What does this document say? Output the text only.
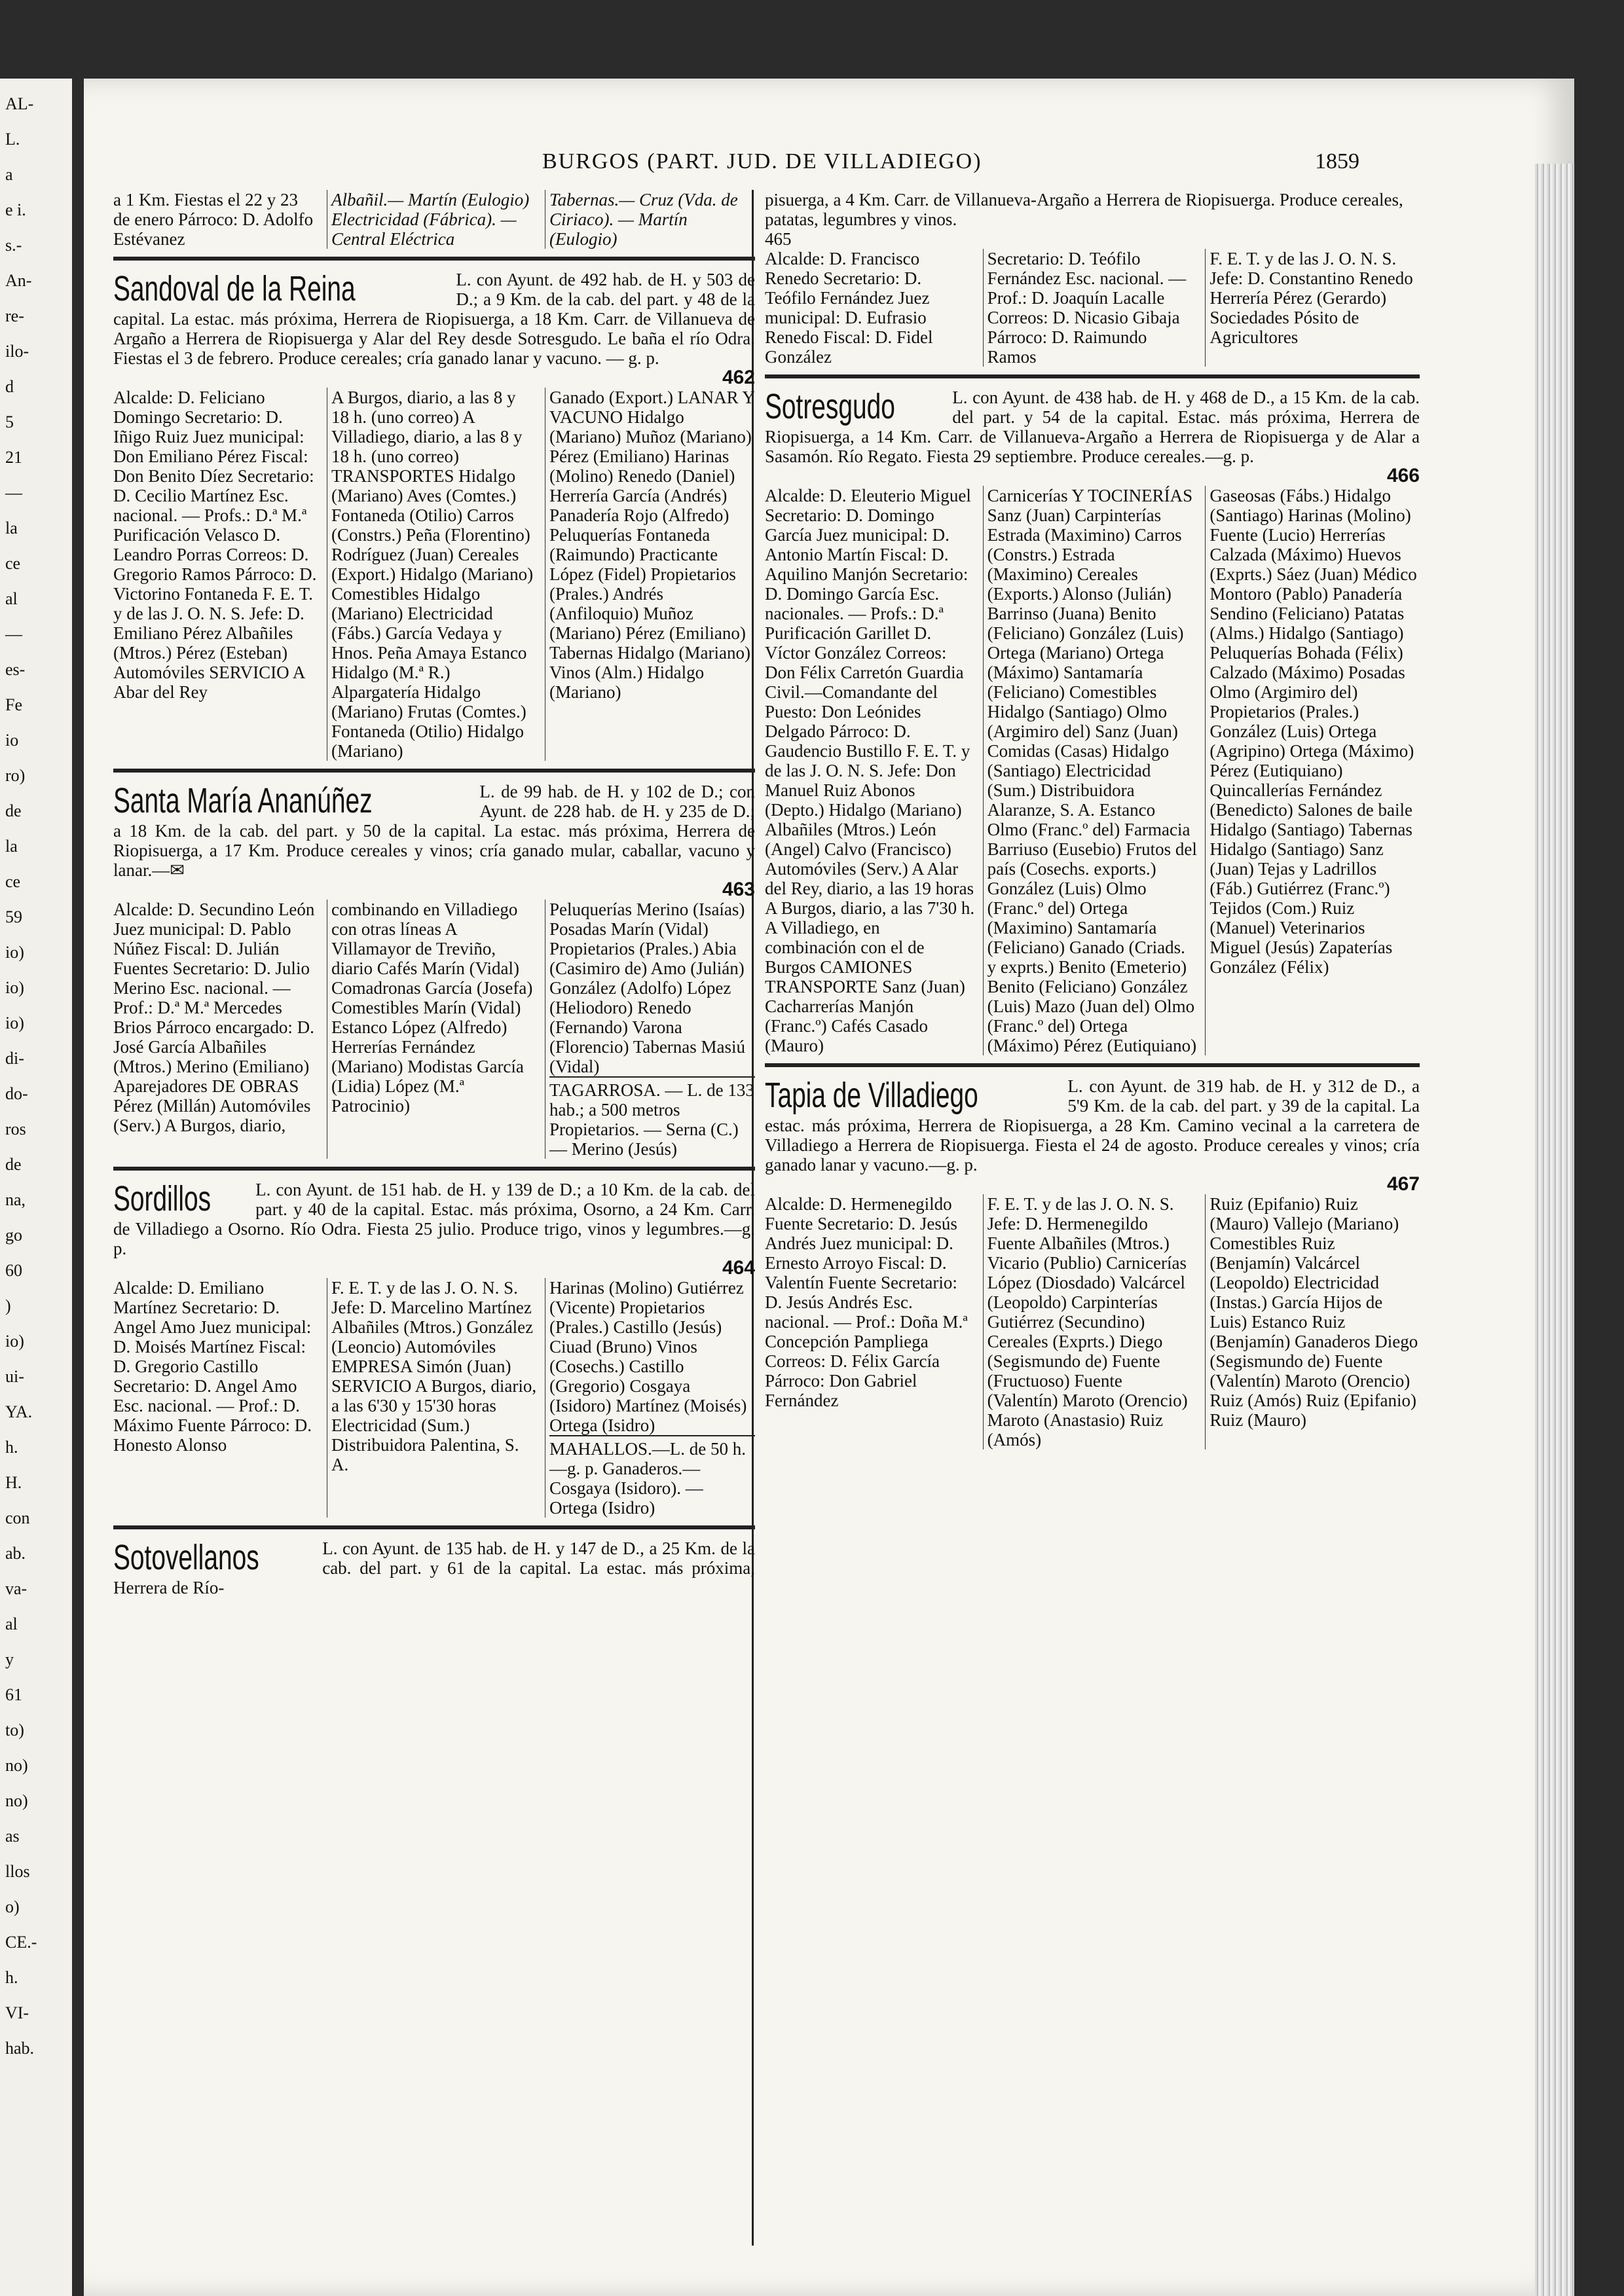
AL-
L.
a
e i.
s.-
An-
re-
ilo-
d
5
21
—
la
ce
al
—
es-
Fe
io
ro)
de
la
ce
59
io)
io)
io)
di-
do-
ros
de
na,
go
60
)
io)
ui-
YA.
h.
H.
con
ab.
va-
al
y
61
to)
no)
no)
as
llos
o)
CE.-
h.
VI-
hab.
BURGOS (PART. JUD. DE VILLADIEGO)	1859
a 1 Km. Fiestas el 22 y 23 de enero Párroco: D. Adolfo Estévanez
Albañil.— Martín (Eulogio) Electricidad (Fábrica). — Central Eléctrica
Tabernas.— Cruz (Vda. de Ciriaco). — Martín (Eulogio)
Sandoval de la Reina	L. con Ayunt. de 492 hab. de H. y 503 de D.; a 9 Km. de la cab. del part. y 48 de la capital. La estac. más próxima, Herrera de Riopisuerga, a 18 Km. Carr. de Villanueva de Argaño a Herrera de Riopisuerga y Alar del Rey desde Sotresgudo. Le baña el río Odra. Fiestas el 3 de febrero. Produce cereales; cría ganado lanar y vacuno. — g. p.
462
Alcalde: D. Feliciano Domingo Secretario: D. Iñigo Ruiz Juez municipal: Don Emiliano Pérez Fiscal: Don Benito Díez Secretario: D. Cecilio Martínez Esc. nacional. — Profs.: D.ª M.ª Purificación Velasco D. Leandro Porras Correos: D. Gregorio Ramos Párroco: D. Victorino Fontaneda F. E. T. y de las J. O. N. S. Jefe: D. Emiliano Pérez Albañiles (Mtros.) Pérez (Esteban) Automóviles SERVICIO A Abar del Rey
A Burgos, diario, a las 8 y 18 h. (uno correo) A Villadiego, diario, a las 8 y 18 h. (uno correo) TRANSPORTES Hidalgo (Mariano) Aves (Comtes.) Fontaneda (Otilio) Carros (Constrs.) Peña (Florentino) Rodríguez (Juan) Cereales (Export.) Hidalgo (Mariano) Comestibles Hidalgo (Mariano) Electricidad (Fábs.) García Vedaya y Hnos. Peña Amaya Estanco Hidalgo (M.ª R.) Alpargatería Hidalgo (Mariano) Frutas (Comtes.) Fontaneda (Otilio) Hidalgo (Mariano)
Ganado (Export.) LANAR Y VACUNO Hidalgo (Mariano) Muñoz (Mariano) Pérez (Emiliano) Harinas (Molino) Renedo (Daniel) Herrería García (Andrés) Panadería Rojo (Alfredo) Peluquerías Fontaneda (Raimundo) Practicante López (Fidel) Propietarios (Prales.) Andrés (Anfiloquio) Muñoz (Mariano) Pérez (Emiliano) Tabernas Hidalgo (Mariano) Vinos (Alm.) Hidalgo (Mariano)
Santa María Ananúñez	L. de 99 hab. de H. y 102 de D.; con Ayunt. de 228 hab. de H. y 235 de D.; a 18 Km. de la cab. del part. y 50 de la capital. La estac. más próxima, Herrera de Riopisuerga, a 17 Km. Produce cereales y vinos; cría ganado mular, caballar, vacuno y lanar.—✉
463
Alcalde: D. Secundino León Juez municipal: D. Pablo Núñez Fiscal: D. Julián Fuentes Secretario: D. Julio Merino Esc. nacional. — Prof.: D.ª M.ª Mercedes Brios Párroco encargado: D. José García Albañiles (Mtros.) Merino (Emiliano) Aparejadores DE OBRAS Pérez (Millán) Automóviles (Serv.) A Burgos, diario,
combinando en Villadiego con otras líneas A Villamayor de Treviño, diario Cafés Marín (Vidal) Comadronas García (Josefa) Comestibles Marín (Vidal) Estanco López (Alfredo) Herrerías Fernández (Mariano) Modistas García (Lidia) López (M.ª Patrocinio)
Peluquerías Merino (Isaías) Posadas Marín (Vidal) Propietarios (Prales.) Abia (Casimiro de) Amo (Julián) González (Adolfo) López (Heliodoro) Renedo (Fernando) Varona (Florencio) Tabernas Masiú (Vidal)
TAGARROSA. — L. de 133 hab.; a 500 metros Propietarios. — Serna (C.) — Merino (Jesús)
Sordillos	L. con Ayunt. de 151 hab. de H. y 139 de D.; a 10 Km. de la cab. del part. y 40 de la capital. Estac. más próxima, Osorno, a 24 Km. Carr. de Villadiego a Osorno. Río Odra. Fiesta 25 julio. Produce trigo, vinos y legumbres.—g. p.
464
Alcalde: D. Emiliano Martínez Secretario: D. Angel Amo Juez municipal: D. Moisés Martínez Fiscal: D. Gregorio Castillo Secretario: D. Angel Amo Esc. nacional. — Prof.: D. Máximo Fuente Párroco: D. Honesto Alonso
F. E. T. y de las J. O. N. S. Jefe: D. Marcelino Martínez Albañiles (Mtros.) González (Leoncio) Automóviles EMPRESA Simón (Juan) SERVICIO A Burgos, diario, a las 6'30 y 15'30 horas Electricidad (Sum.) Distribuidora Palentina, S. A.
Harinas (Molino) Gutiérrez (Vicente) Propietarios (Prales.) Castillo (Jesús) Ciuad (Bruno) Vinos (Cosechs.) Castillo (Gregorio) Cosgaya (Isidoro) Martínez (Moisés) Ortega (Isidro)
MAHALLOS.—L. de 50 h.—g. p. Ganaderos.—Cosgaya (Isidoro). — Ortega (Isidro)
Sotovellanos	L. con Ayunt. de 135 hab. de H. y 147 de D., a 25 Km. de la cab. del part. y 61 de la capital. La estac. más próxima, Herrera de Río-
pisuerga, a 4 Km. Carr. de Villanueva-Argaño a Herrera de Riopisuerga. Produce cereales, patatas, legumbres y vinos.
465
Alcalde: D. Francisco Renedo Secretario: D. Teófilo Fernández Juez municipal: D. Eufrasio Renedo Fiscal: D. Fidel González
Secretario: D. Teófilo Fernández Esc. nacional. — Prof.: D. Joaquín Lacalle Correos: D. Nicasio Gibaja Párroco: D. Raimundo Ramos
F. E. T. y de las J. O. N. S. Jefe: D. Constantino Renedo Herrería Pérez (Gerardo) Sociedades Pósito de Agricultores
Sotresgudo	L. con Ayunt. de 438 hab. de H. y 468 de D., a 15 Km. de la cab. del part. y 54 de la capital. Estac. más próxima, Herrera de Riopisuerga, a 14 Km. Carr. de Villanueva-Argaño a Herrera de Riopisuerga y de Alar a Sasamón. Río Regato. Fiesta 29 septiembre. Produce cereales.—g. p.
466
Alcalde: D. Eleuterio Miguel Secretario: D. Domingo García Juez municipal: D. Antonio Martín Fiscal: D. Aquilino Manjón Secretario: D. Domingo García Esc. nacionales. — Profs.: D.ª Purificación Garillet D. Víctor González Correos: Don Félix Carretón Guardia Civil.—Comandante del Puesto: Don Leónides Delgado Párroco: D. Gaudencio Bustillo F. E. T. y de las J. O. N. S. Jefe: Don Manuel Ruiz Abonos (Depto.) Hidalgo (Mariano) Albañiles (Mtros.) León (Angel) Calvo (Francisco) Automóviles (Serv.) A Alar del Rey, diario, a las 19 horas A Burgos, diario, a las 7'30 h. A Villadiego, en combinación con el de Burgos CAMIONES TRANSPORTE Sanz (Juan) Cacharrerías Manjón (Franc.º) Cafés Casado (Mauro)
Carnicerías Y TOCINERÍAS Sanz (Juan) Carpinterías Estrada (Maximino) Carros (Constrs.) Estrada (Maximino) Cereales (Exports.) Alonso (Julián) Barrinso (Juana) Benito (Feliciano) González (Luis) Ortega (Mariano) Ortega (Máximo) Santamaría (Feliciano) Comestibles Hidalgo (Santiago) Olmo (Argimiro del) Sanz (Juan) Comidas (Casas) Hidalgo (Santiago) Electricidad (Sum.) Distribuidora Alaranze, S. A. Estanco Olmo (Franc.º del) Farmacia Barriuso (Eusebio) Frutos del país (Cosechs. exports.) González (Luis) Olmo (Franc.º del) Ortega (Maximino) Santamaría (Feliciano) Ganado (Criads. y exprts.) Benito (Emeterio) Benito (Feliciano) González (Luis) Mazo (Juan del) Olmo (Franc.º del) Ortega (Máximo) Pérez (Eutiquiano)
Gaseosas (Fábs.) Hidalgo (Santiago) Harinas (Molino) Fuente (Lucio) Herrerías Calzada (Máximo) Huevos (Exprts.) Sáez (Juan) Médico Montoro (Pablo) Panadería Sendino (Feliciano) Patatas (Alms.) Hidalgo (Santiago) Peluquerías Bohada (Félix) Calzado (Máximo) Posadas Olmo (Argimiro del) Propietarios (Prales.) González (Luis) Ortega (Agripino) Ortega (Máximo) Pérez (Eutiquiano) Quincallerías Fernández (Benedicto) Salones de baile Hidalgo (Santiago) Tabernas Hidalgo (Santiago) Sanz (Juan) Tejas y Ladrillos (Fáb.) Gutiérrez (Franc.º) Tejidos (Com.) Ruiz (Manuel) Veterinarios Miguel (Jesús) Zapaterías González (Félix)
Tapia de Villadiego	L. con Ayunt. de 319 hab. de H. y 312 de D., a 5'9 Km. de la cab. del part. y 39 de la capital. La estac. más próxima, Herrera de Riopisuerga, a 28 Km. Camino vecinal a la carretera de Villadiego a Herrera de Riopisuerga. Fiesta el 24 de agosto. Produce cereales y vinos; cría ganado lanar y vacuno.—g. p.
467
Alcalde: D. Hermenegildo Fuente Secretario: D. Jesús Andrés Juez municipal: D. Ernesto Arroyo Fiscal: D. Valentín Fuente Secretario: D. Jesús Andrés Esc. nacional. — Prof.: Doña M.ª Concepción Pampliega Correos: D. Félix García Párroco: Don Gabriel Fernández
F. E. T. y de las J. O. N. S. Jefe: D. Hermenegildo Fuente Albañiles (Mtros.) Vicario (Publio) Carnicerías López (Diosdado) Valcárcel (Leopoldo) Carpinterías Gutiérrez (Secundino) Cereales (Exprts.) Diego (Segismundo de) Fuente (Fructuoso) Fuente (Valentín) Maroto (Orencio) Maroto (Anastasio) Ruiz (Amós)
Ruiz (Epifanio) Ruiz (Mauro) Vallejo (Mariano) Comestibles Ruiz (Benjamín) Valcárcel (Leopoldo) Electricidad (Instas.) García Hijos de Luis) Estanco Ruiz (Benjamín) Ganaderos Diego (Segismundo de) Fuente (Valentín) Maroto (Orencio) Ruiz (Amós) Ruiz (Epifanio) Ruiz (Mauro)
